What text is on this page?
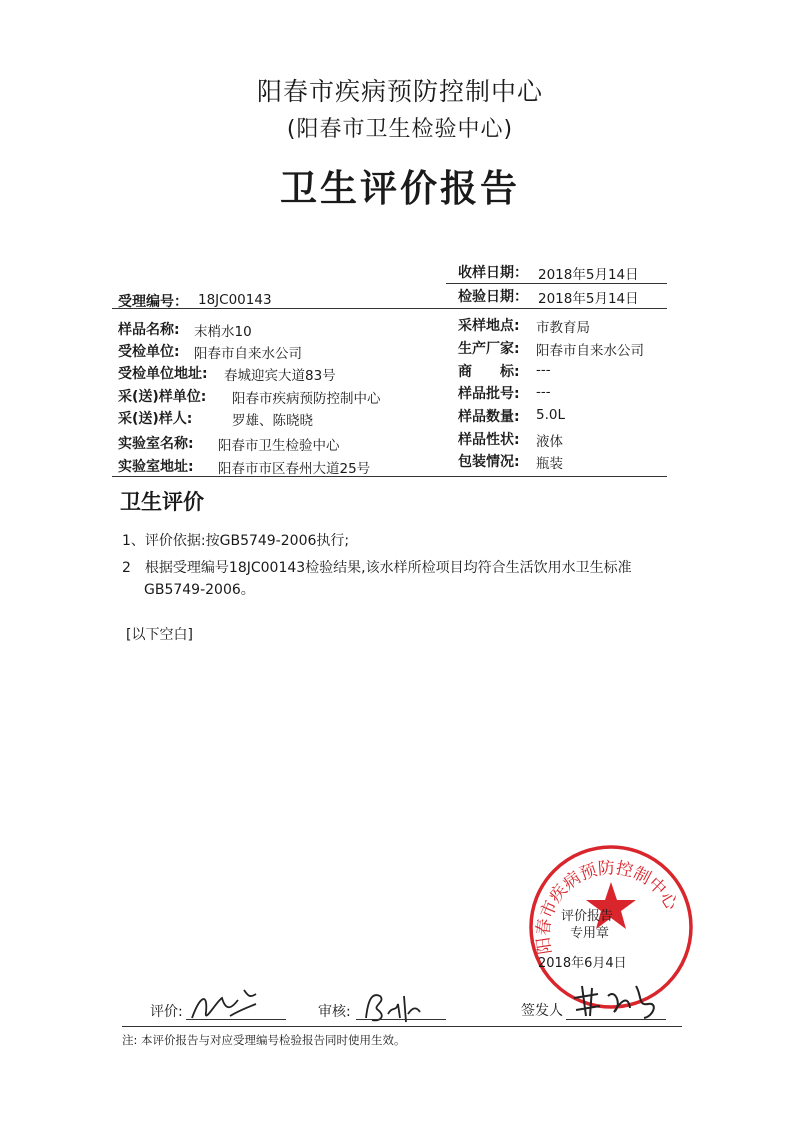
阳春市疾病预防控制中心
(阳春市卫生检验中心)
卫生评价报告
收样日期： 2018年5月14日
受理编号： 18JC00143	检验日期： 2018年5月14日
样品名称: 末梢水10
受检单位: 阳春市自来水公司
受检单位地址: 春城迎宾大道83号
采(送)样单位: 阳春市疾病预防控制中心
采(送)样人:	罗雄、陈晓晓
实验室名称: 阳春市卫生检验中心
实验室地址: 阳春市市区春州大道25号
采样地点: 市教育局
生产厂家: 阳春市自来水公司
商　　标: ---
样品批号: ---
样品数量: 5.0L
样品性状: 液体
包装情况: 瓶装
卫生评价
1、评价依据:按GB5749-2006执行;
2　根据受理编号18JC00143检验结果,该水样所检项目均符合生活饮用水卫生标准
GB5749-2006。
[以下空白]
阳春市疾病预防控制中心
评价报告
专用章
2018年6月4日
评价:	审核:	签发人
注: 本评价报告与对应受理编号检验报告同时使用生效。
